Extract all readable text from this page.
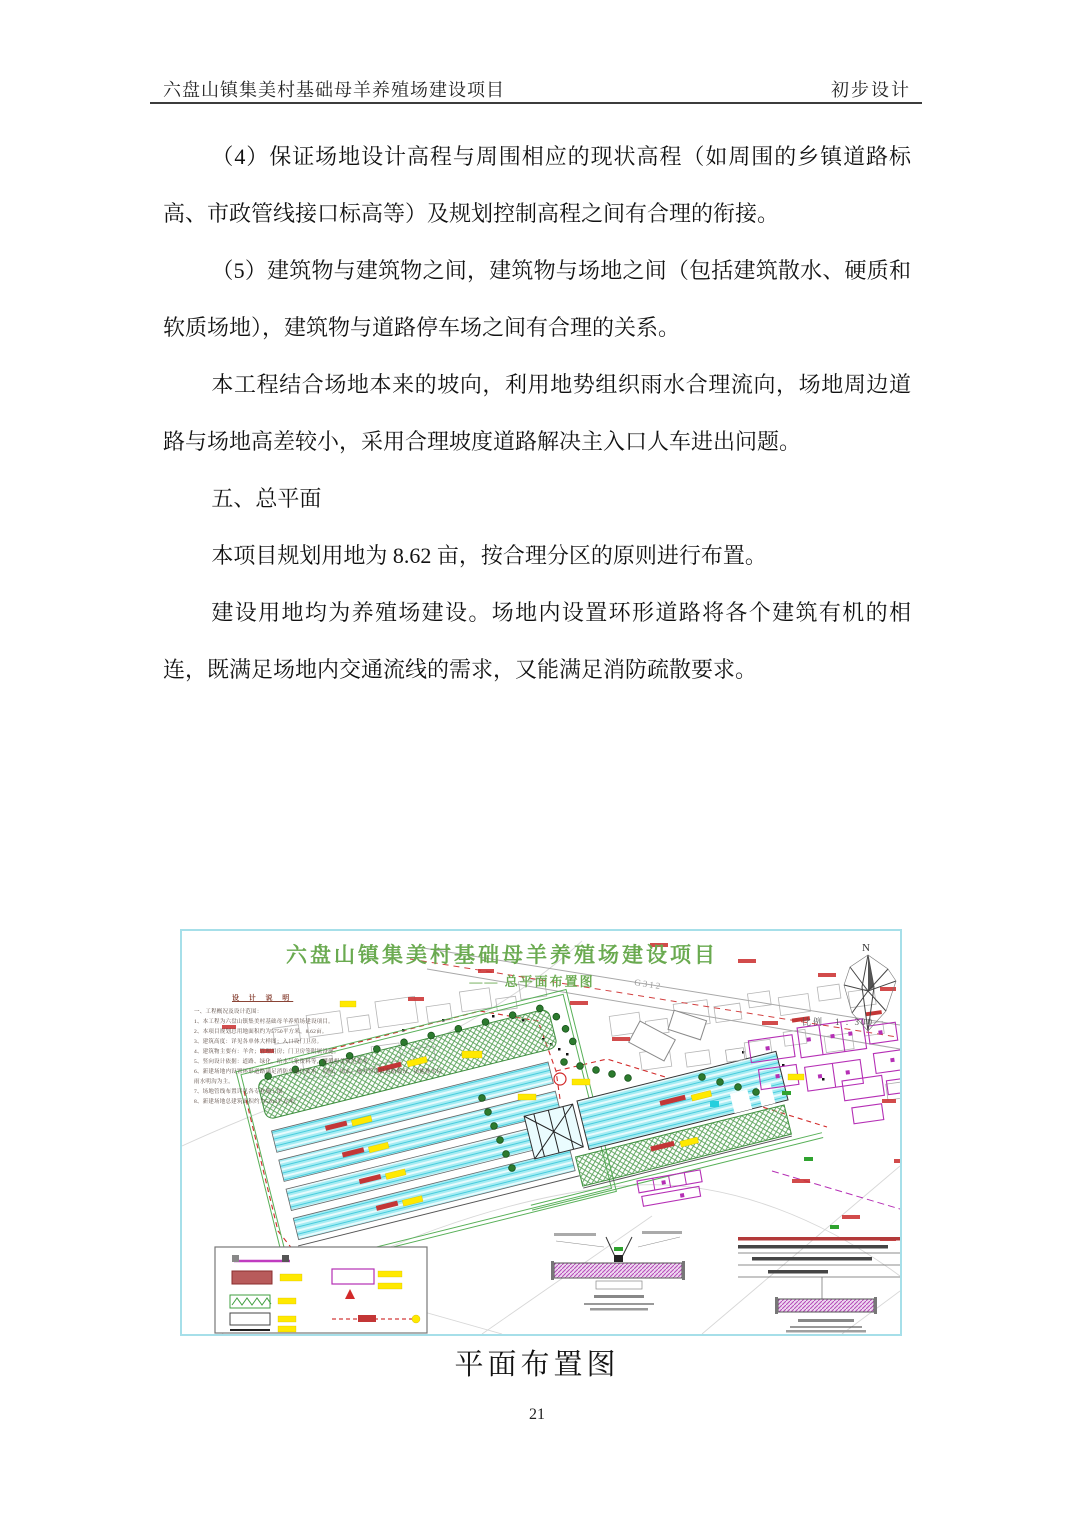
六盘山镇集美村基础母羊养殖场建设项目	初步设计

（4）保证场地设计高程与周围相应的现状高程（如周围的乡镇道路标高、市政管线接口标高等）及规划控制高程之间有合理的衔接。

（5）建筑物与建筑物之间，建筑物与场地之间（包括建筑散水、硬质和软质场地），建筑物与道路停车场之间有合理的关系。

本工程结合场地本来的坡向，利用地势组织雨水合理流向，场地周边道路与场地高差较小，采用合理坡度道路解决主入口人车进出问题。

五、总平面

本项目规划用地为 8.62 亩，按合理分区的原则进行布置。

建设用地均为养殖场建设。场地内设置环形道路将各个建筑有机的相连，既满足场地内交通流线的需求，又能满足消防疏散要求。

G312
N
六盘山镇集美村基础母羊养殖场建设项目
—— 总平面布置图
比例　1 : 300
设 计 说 明
一、工程概况及设计范围：
1、本工程为六盘山镇集美村基础母羊养殖场建设项目。
2、本项目规划总用地面积约为5750平方米，8.62亩。
3、建筑高度：详见各单体大样图；入口设门卫房。
4、建筑物主要有：羊舍；管理用房；门卫房等附属设施。
5、竖向设计依据：道路、绿化、给水气象资料等，遵循相关规范要求。
6、新建场地内设置环形道路满足消防车通行要求，消防、给水、电力管线沿道路敷设，场地排水以雨水明沟为主。
7、场地管线布置详见各专业施工图。
8、新建场地总建筑面积约为5203平方米。
平面布置图
21
